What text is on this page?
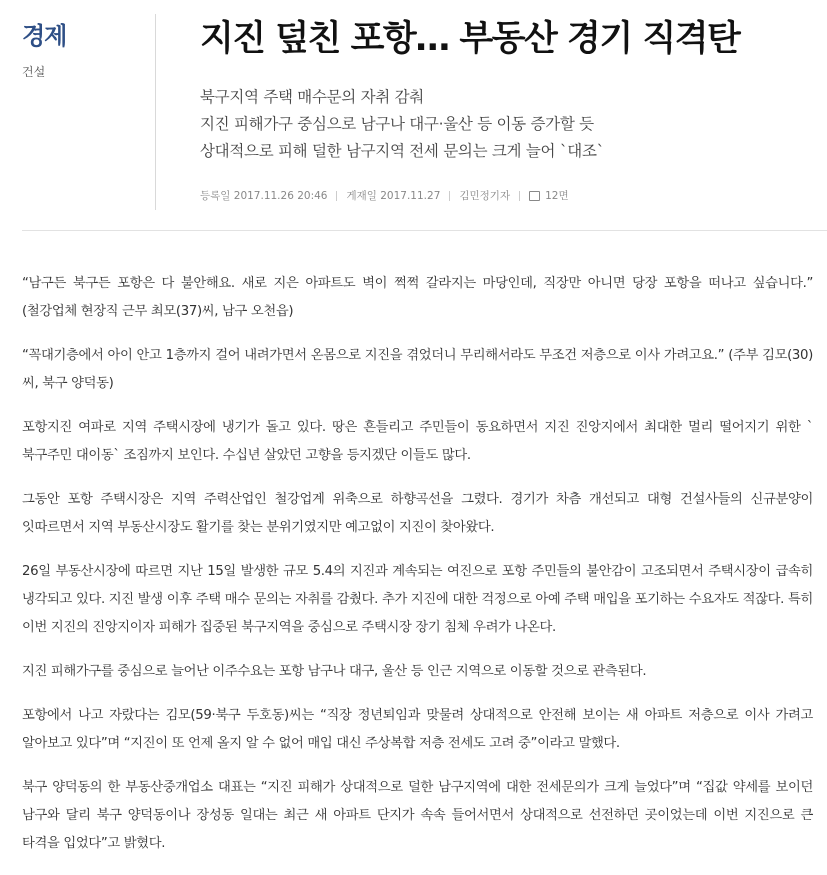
경제
건설
지진 덮친 포항… 부동산 경기 직격탄
북구지역 주택 매수문의 자취 감춰
지진 피해가구 중심으로 남구나 대구·울산 등 이동 증가할 듯
상대적으로 피해 덜한 남구지역 전세 문의는 크게 늘어 `대조`
등록일 2017.11.26 20:46 게재일 2017.11.27 김민정기자	12면

“남구든 북구든 포항은 다 불안해요. 새로 지은 아파트도 벽이 쩍쩍 갈라지는 마당인데, 직장만 아니면 당장 포항을 떠나고 싶습니다.” (철강업체 현장직 근무 최모(37)씨, 남구 오천읍)

“꼭대기층에서 아이 안고 1층까지 걸어 내려가면서 온몸으로 지진을 겪었더니 무리해서라도 무조건 저층으로 이사 가려고요.” (주부 김모(30)씨, 북구 양덕동)

포항지진 여파로 지역 주택시장에 냉기가 돌고 있다. 땅은 흔들리고 주민들이 동요하면서 지진 진앙지에서 최대한 멀리 떨어지기 위한 `북구주민 대이동` 조짐까지 보인다. 수십년 살았던 고향을 등지겠단 이들도 많다.

그동안 포항 주택시장은 지역 주력산업인 철강업계 위축으로 하향곡선을 그렸다. 경기가 차츰 개선되고 대형 건설사들의 신규분양이 잇따르면서 지역 부동산시장도 활기를 찾는 분위기였지만 예고없이 지진이 찾아왔다.

26일 부동산시장에 따르면 지난 15일 발생한 규모 5.4의 지진과 계속되는 여진으로 포항 주민들의 불안감이 고조되면서 주택시장이 급속히 냉각되고 있다. 지진 발생 이후 주택 매수 문의는 자취를 감췄다. 추가 지진에 대한 걱정으로 아예 주택 매입을 포기하는 수요자도 적잖다. 특히 이번 지진의 진앙지이자 피해가 집중된 북구지역을 중심으로 주택시장 장기 침체 우려가 나온다.

지진 피해가구를 중심으로 늘어난 이주수요는 포항 남구나 대구, 울산 등 인근 지역으로 이동할 것으로 관측된다.

포항에서 나고 자랐다는 김모(59·북구 두호동)씨는 “직장 정년퇴임과 맞물려 상대적으로 안전해 보이는 새 아파트 저층으로 이사 가려고 알아보고 있다”며 “지진이 또 언제 올지 알 수 없어 매입 대신 주상복합 저층 전세도 고려 중”이라고 말했다.

북구 양덕동의 한 부동산중개업소 대표는 “지진 피해가 상대적으로 덜한 남구지역에 대한 전세문의가 크게 늘었다”며 “집값 약세를 보이던 남구와 달리 북구 양덕동이나 장성동 일대는 최근 새 아파트 단지가 속속 들어서면서 상대적으로 선전하던 곳이었는데 이번 지진으로 큰 타격을 입었다”고 밝혔다.
